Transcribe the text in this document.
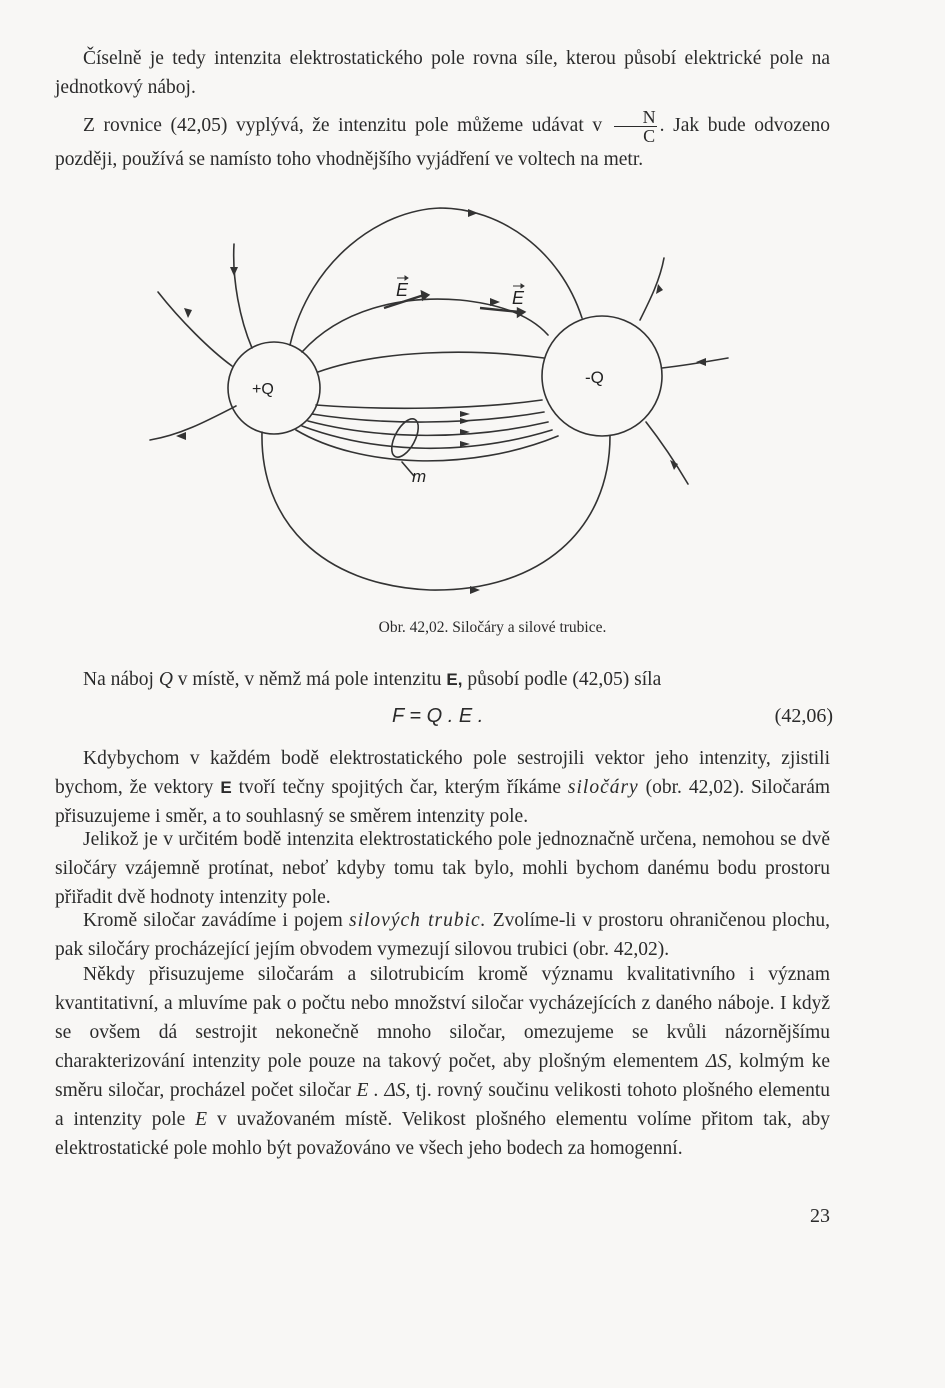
Číselně je tedy intenzita elektrostatického pole rovna síle, kterou působí elektrické pole na jednotkový náboj.

Z rovnice (42,05) vyplývá, že intenzitu pole můžeme udávat v $\frac{N}{C}$ . Jak bude odvozeno později, používá se namísto toho vhodnějšího vyjádření ve voltech na metr.

+Q
-Q
E	E
m
Obr. 42,02. Siločáry a silové trubice.

Na náboj Q v místě, v němž má pole intenzitu E, působí podle (42,05) síla

F = Q . E .	(42,06)

Kdybychom v každém bodě elektrostatického pole sestrojili vektor jeho intenzity, zjistili bychom, že vektory E tvoří tečny spojitých čar, kterým říkáme siločáry (obr. 42,02). Siločarám přisuzujeme i směr, a to souhlasný se směrem intenzity pole.

Jelikož je v určitém bodě intenzita elektrostatického pole jednoznačně určena, nemohou se dvě siločáry vzájemně protínat, neboť kdyby tomu tak bylo, mohli bychom danému bodu prostoru přiřadit dvě hodnoty intenzity pole.

Kromě siločar zavádíme i pojem silových trubic. Zvolíme-li v prostoru ohraničenou plochu, pak siločáry procházející jejím obvodem vymezují silovou trubici (obr. 42,02).

Někdy přisuzujeme siločarám a silotrubicím kromě významu kvalitativního i význam kvantitativní, a mluvíme pak o počtu nebo množství siločar vycházejících z daného náboje. I když se ovšem dá sestrojit nekonečně mnoho siločar, omezujeme se kvůli názornějšímu charakterizování intenzity pole pouze na takový počet, aby plošným elementem ΔS, kolmým ke směru siločar, procházel počet siločar E . ΔS, tj. rovný součinu velikosti tohoto plošného elementu a intenzity pole E v uvažovaném místě. Velikost plošného elementu volíme přitom tak, aby elektrostatické pole mohlo být považováno ve všech jeho bodech za homogenní.

23
